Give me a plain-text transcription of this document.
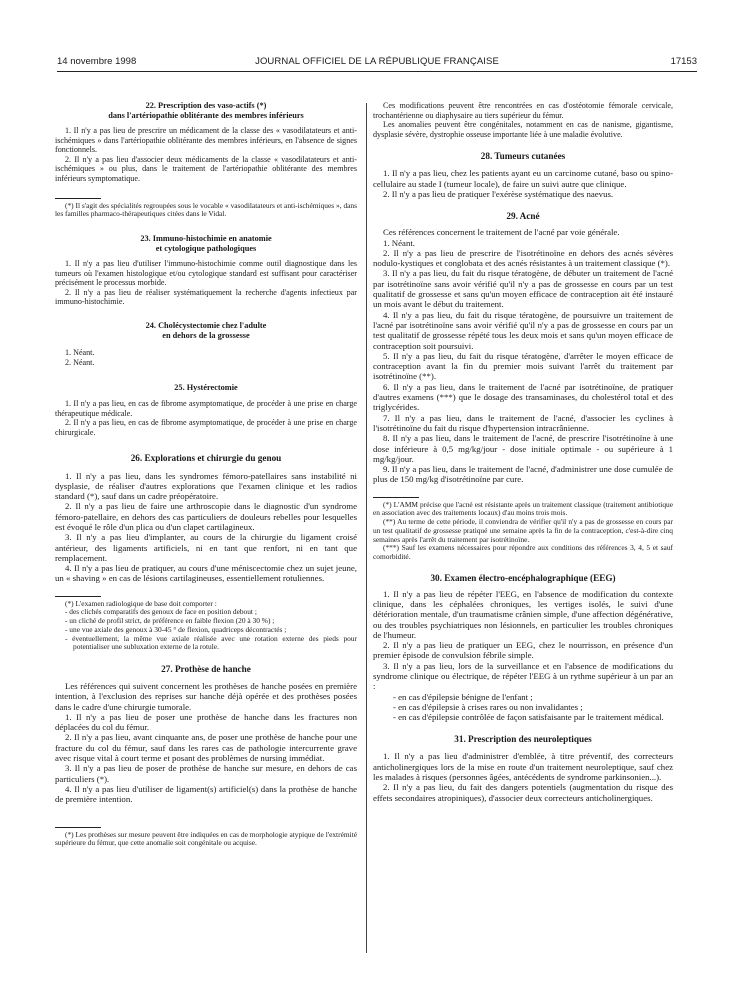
14 novembre 1998	JOURNAL OFFICIEL DE LA RÉPUBLIQUE FRANÇAISE	17153
22. Prescription des vaso-actifs (*)
dans l'artériopathie oblitérante des membres inférieurs

1. Il n'y a pas lieu de prescrire un médicament de la classe des « vasodilatateurs et anti-ischémiques » dans l'artériopathie oblitérante des membres inférieurs, en l'absence de signes fonctionnels.

2. Il n'y a pas lieu d'associer deux médicaments de la classe « vasodilatateurs et anti-ischémiques » ou plus, dans le traitement de l'artériopathie oblitérante des membres inférieurs symptomatique.

(*) Il s'agit des spécialités regroupées sous le vocable « vasodilatateurs et anti-ischémiques », dans les familles pharmaco-thérapeutiques citées dans le Vidal.

23. Immuno-histochimie en anatomie
et cytologique pathologiques

1. Il n'y a pas lieu d'utiliser l'immuno-histochimie comme outil diagnostique dans les tumeurs où l'examen histologique et/ou cytologique standard est suffisant pour caractériser précisément le processus morbide.

2. Il n'y a pas lieu de réaliser systématiquement la recherche d'agents infectieux par immuno-histochimie.

24. Cholécystectomie chez l'adulte
en dehors de la grossesse

1. Néant.

2. Néant.

25. Hystérectomie

1. Il n'y a pas lieu, en cas de fibrome asymptomatique, de procéder à une prise en charge thérapeutique médicale.

2. Il n'y a pas lieu, en cas de fibrome asymptomatique, de procéder à une prise en charge chirurgicale.

26. Explorations et chirurgie du genou

1. Il n'y a pas lieu, dans les syndromes fémoro-patellaires sans instabilité ni dysplasie, de réaliser d'autres explorations que l'examen clinique et les radios standard (*), sauf dans un cadre préopératoire.

2. Il n'y a pas lieu de faire une arthroscopie dans le diagnostic d'un syndrome fémoro-patellaire, en dehors des cas particuliers de douleurs rebelles pour lesquelles est évoqué le rôle d'un plica ou d'un clapet cartilagineux.

3. Il n'y a pas lieu d'implanter, au cours de la chirurgie du ligament croisé antérieur, des ligaments artificiels, ni en tant que renfort, ni en tant que remplacement.

4. Il n'y a pas lieu de pratiquer, au cours d'une méniscectomie chez un sujet jeune, un « shaving » en cas de lésions cartilagineuses, essentiellement rotuliennes.

(*) L'examen radiologique de base doit comporter :

- des clichés comparatifs des genoux de face en position debout ;
- un cliché de profil strict, de préférence en faible flexion (20 à 30 %) ;
- une vue axiale des genoux à 30-45 ° de flexion, quadriceps décontractés ;
- éventuellement, la même vue axiale réalisée avec une rotation externe des pieds pour potentialiser une subluxation externe de la rotule.
27. Prothèse de hanche

Les références qui suivent concernent les prothèses de hanche posées en première intention, à l'exclusion des reprises sur hanche déjà opérée et des prothèses posées dans le cadre d'une chirurgie tumorale.

1. Il n'y a pas lieu de poser une prothèse de hanche dans les fractures non déplacées du col du fémur.

2. Il n'y a pas lieu, avant cinquante ans, de poser une prothèse de hanche pour une fracture du col du fémur, sauf dans les rares cas de pathologie intercurrente grave avec risque vital à court terme et posant des problèmes de nursing immédiat.

3. Il n'y a pas lieu de poser de prothèse de hanche sur mesure, en dehors de cas particuliers (*).

4. Il n'y a pas lieu d'utiliser de ligament(s) artificiel(s) dans la prothèse de hanche de première intention.

(*) Les prothèses sur mesure peuvent être indiquées en cas de morphologie atypique de l'extrémité supérieure du fémur, que cette anomalie soit congénitale ou acquise.

Ces modifications peuvent être rencontrées en cas d'ostéotomie fémorale cervicale, trochantérienne ou diaphysaire au tiers supérieur du fémur.

Les anomalies peuvent être congénitales, notamment en cas de nanisme, gigantisme, dysplasie sévère, dystrophie osseuse importante liée à une maladie évolutive.

28. Tumeurs cutanées

1. Il n'y a pas lieu, chez les patients ayant eu un carcinome cutané, baso ou spino-cellulaire au stade I (tumeur locale), de faire un suivi autre que clinique.

2. Il n'y a pas lieu de pratiquer l'exérèse systématique des naevus.

29. Acné

Ces références concernent le traitement de l'acné par voie générale.

1. Néant.

2. Il n'y a pas lieu de prescrire de l'isotrétinoïne en dehors des acnés sévères nodulo-kystiques et conglobata et des acnés résistantes à un traitement classique (*).

3. Il n'y a pas lieu, du fait du risque tératogène, de débuter un traitement de l'acné par isotrétinoïne sans avoir vérifié qu'il n'y a pas de grossesse en cours par un test qualitatif de grossesse et sans qu'un moyen efficace de contraception ait été instauré un mois avant le début du traitement.

4. Il n'y a pas lieu, du fait du risque tératogène, de poursuivre un traitement de l'acné par isotrétinoïne sans avoir vérifié qu'il n'y a pas de grossesse en cours par un test qualitatif de grossesse répété tous les deux mois et sans qu'un moyen efficace de contraception soit poursuivi.

5. Il n'y a pas lieu, du fait du risque tératogène, d'arrêter le moyen efficace de contraception avant la fin du premier mois suivant l'arrêt du traitement par isotrétinoïne (**).

6. Il n'y a pas lieu, dans le traitement de l'acné par isotrétinoïne, de pratiquer d'autres examens (***) que le dosage des transaminases, du cholestérol total et des triglycérides.

7. Il n'y a pas lieu, dans le traitement de l'acné, d'associer les cyclines à l'isotrétinoïne du fait du risque d'hypertension intracrânienne.

8. Il n'y a pas lieu, dans le traitement de l'acné, de prescrire l'isotrétinoïne à une dose inférieure à 0,5 mg/kg/jour - dose initiale optimale - ou supérieure à 1 mg/kg/jour.

9. Il n'y a pas lieu, dans le traitement de l'acné, d'administrer une dose cumulée de plus de 150 mg/kg d'isotrétinoïne par cure.

(*) L'AMM précise que l'acné est résistante après un traitement classique (traitement antibiotique en association avec des traitements locaux) d'au moins trois mois.

(**) Au terme de cette période, il conviendra de vérifier qu'il n'y a pas de grossesse en cours par un test qualitatif de grossesse pratiqué une semaine après la fin de la contraception, c'est-à-dire cinq semaines après l'arrêt du traitement par isotrétinoïne.

(***) Sauf les examens nécessaires pour répondre aux conditions des références 3, 4, 5 et sauf comorbidité.

30. Examen électro-encéphalographique (EEG)

1. Il n'y a pas lieu de répéter l'EEG, en l'absence de modification du contexte clinique, dans les céphalées chroniques, les vertiges isolés, le suivi d'une détérioration mentale, d'un traumatisme crânien simple, d'une affection dégénérative, ou des troubles psychiatriques non lésionnels, en particulier les troubles chroniques de l'humeur.

2. Il n'y a pas lieu de pratiquer un EEG, chez le nourrisson, en présence d'un premier épisode de convulsion fébrile simple.

3. Il n'y a pas lieu, lors de la surveillance et en l'absence de modifications du syndrome clinique ou électrique, de répéter l'EEG à un rythme supérieur à un par an :

- en cas d'épilepsie bénigne de l'enfant ;
- en cas d'épilepsie à crises rares ou non invalidantes ;
- en cas d'épilepsie contrôlée de façon satisfaisante par le traitement médical.
31. Prescription des neuroleptiques

1. Il n'y a pas lieu d'administrer d'emblée, à titre préventif, des correcteurs anticholinergiques lors de la mise en route d'un traitement neuroleptique, sauf chez les malades à risques (personnes âgées, antécédents de syndrome parkinsonien...).

2. Il n'y a pas lieu, du fait des dangers potentiels (augmentation du risque des effets secondaires atropiniques), d'associer deux correcteurs anticholinergiques.
